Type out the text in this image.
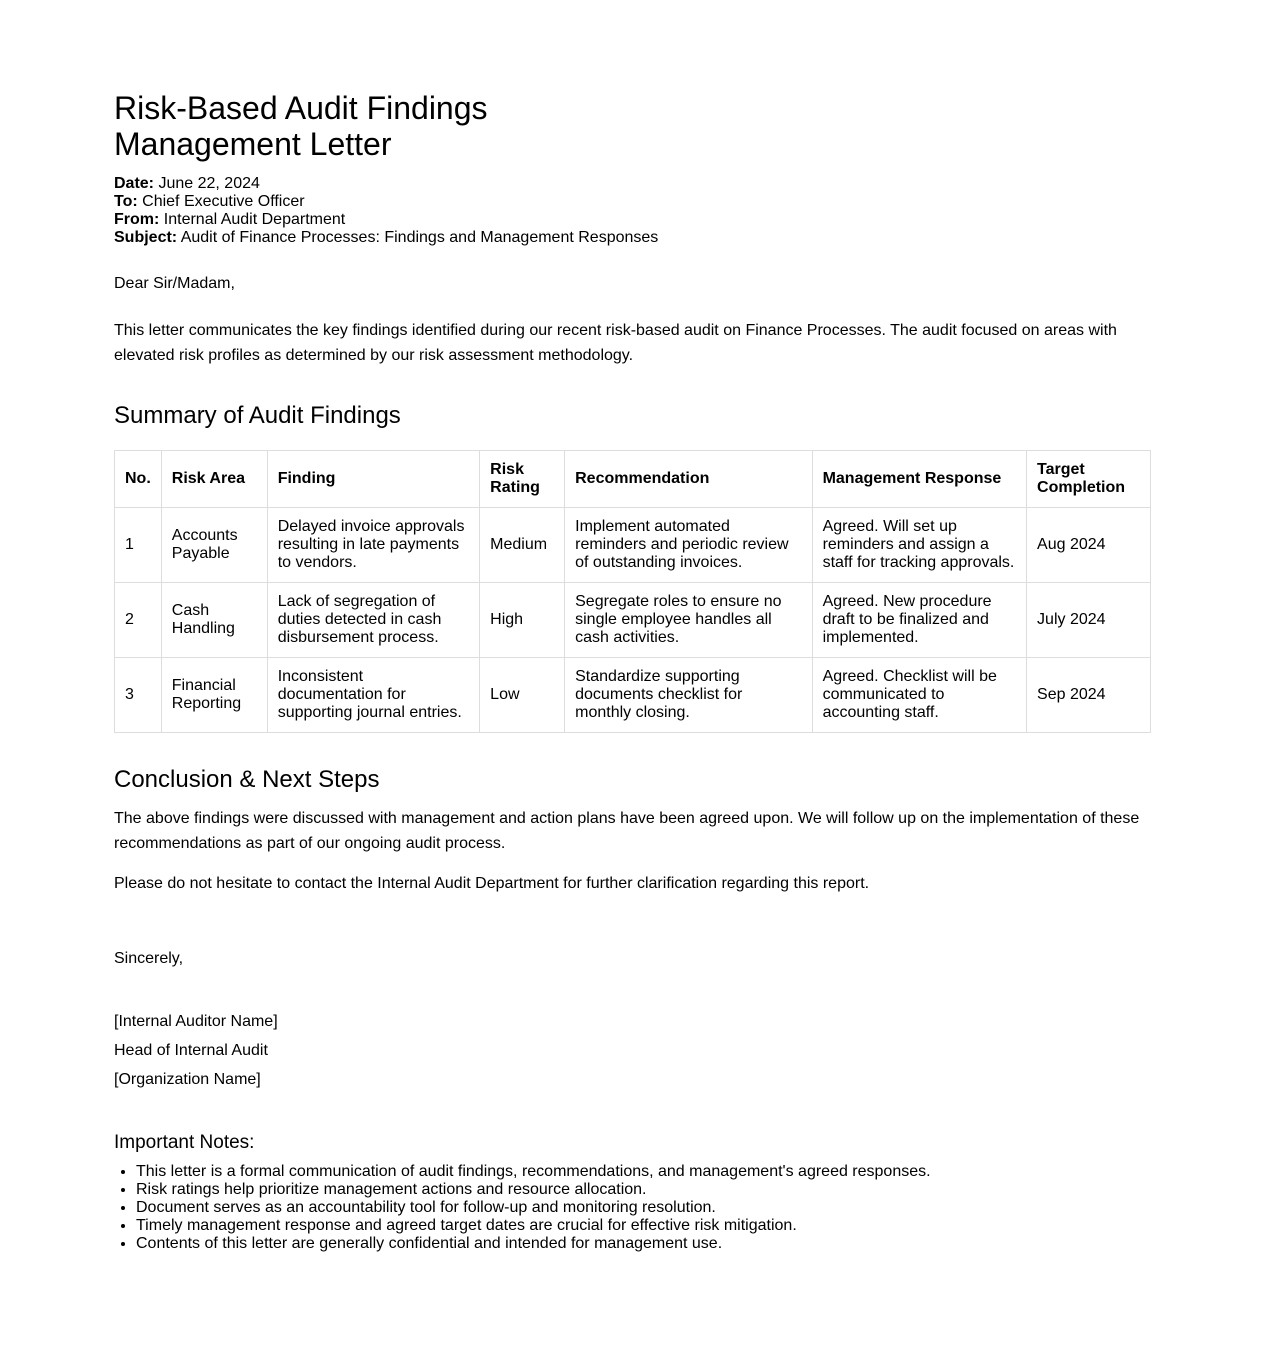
Risk-Based Audit Findings
Management Letter
Date: June 22, 2024
To: Chief Executive Officer
From: Internal Audit Department
Subject: Audit of Finance Processes: Findings and Management Responses

Dear Sir/Madam,

This letter communicates the key findings identified during our recent risk-based audit on Finance Processes. The audit focused on areas with elevated risk profiles as determined by our risk assessment methodology.

Summary of Audit Findings
No.	Risk Area	Finding	Risk Rating	Recommendation	Management Response	Target Completion
1	Accounts Payable	Delayed invoice approvals resulting in late payments to vendors.	Medium	Implement automated reminders and periodic review of outstanding invoices.	Agreed. Will set up reminders and assign a staff for tracking approvals.	Aug 2024
2	Cash Handling	Lack of segregation of duties detected in cash disbursement process.	High	Segregate roles to ensure no single employee handles all cash activities.	Agreed. New procedure draft to be finalized and implemented.	July 2024
3	Financial Reporting	Inconsistent documentation for supporting journal entries.	Low	Standardize supporting documents checklist for monthly closing.	Agreed. Checklist will be communicated to accounting staff.	Sep 2024
Conclusion & Next Steps

The above findings were discussed with management and action plans have been agreed upon. We will follow up on the implementation of these recommendations as part of our ongoing audit process.

Please do not hesitate to contact the Internal Audit Department for further clarification regarding this report.

Sincerely,

[Internal Auditor Name]
Head of Internal Audit
[Organization Name]
Important Notes:
• This letter is a formal communication of audit findings, recommendations, and management's agreed responses.
• Risk ratings help prioritize management actions and resource allocation.
• Document serves as an accountability tool for follow-up and monitoring resolution.
• Timely management response and agreed target dates are crucial for effective risk mitigation.
• Contents of this letter are generally confidential and intended for management use.
